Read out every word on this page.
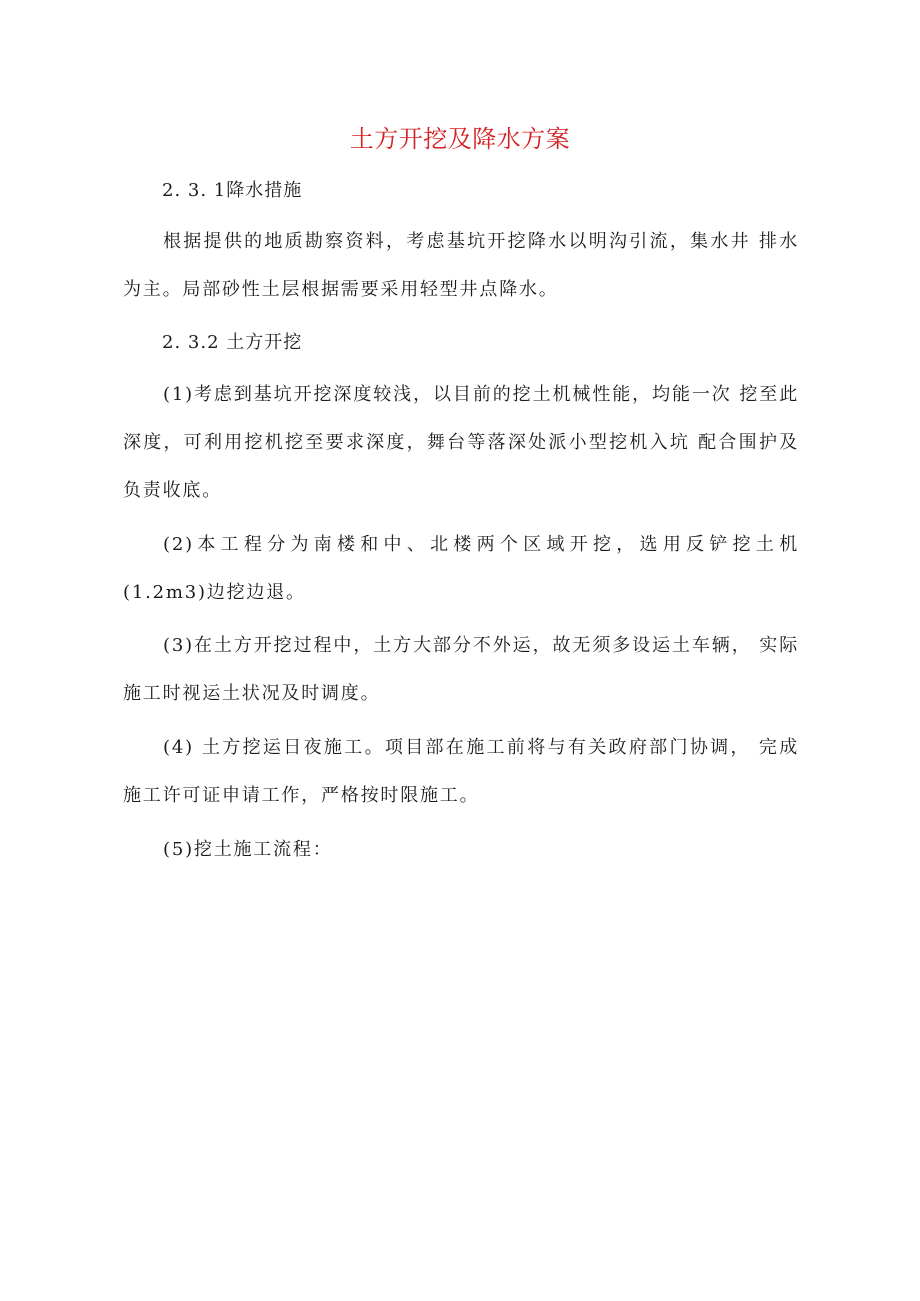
土方开挖及降水方案
2. 3. 1降水措施

根据提供的地质勘察资料，考虑基坑开挖降水以明沟引流，集水井 排水为主。局部砂性土层根据需要采用轻型井点降水。

2. 3.2 土方开挖

(1)考虑到基坑开挖深度较浅，以目前的挖土机械性能，均能一次 挖至此深度，可利用挖机挖至要求深度，舞台等落深处派小型挖机入坑 配合围护及负责收底。

(2)本工程分为南楼和中、北楼两个区域开挖，选用反铲挖土机 (1.2m3)边挖边退。

(3)在土方开挖过程中，土方大部分不外运，故无须多设运土车辆， 实际施工时视运土状况及时调度。

(4) 土方挖运日夜施工。项目部在施工前将与有关政府部门协调， 完成施工许可证申请工作，严格按时限施工。

(5)挖土施工流程：
